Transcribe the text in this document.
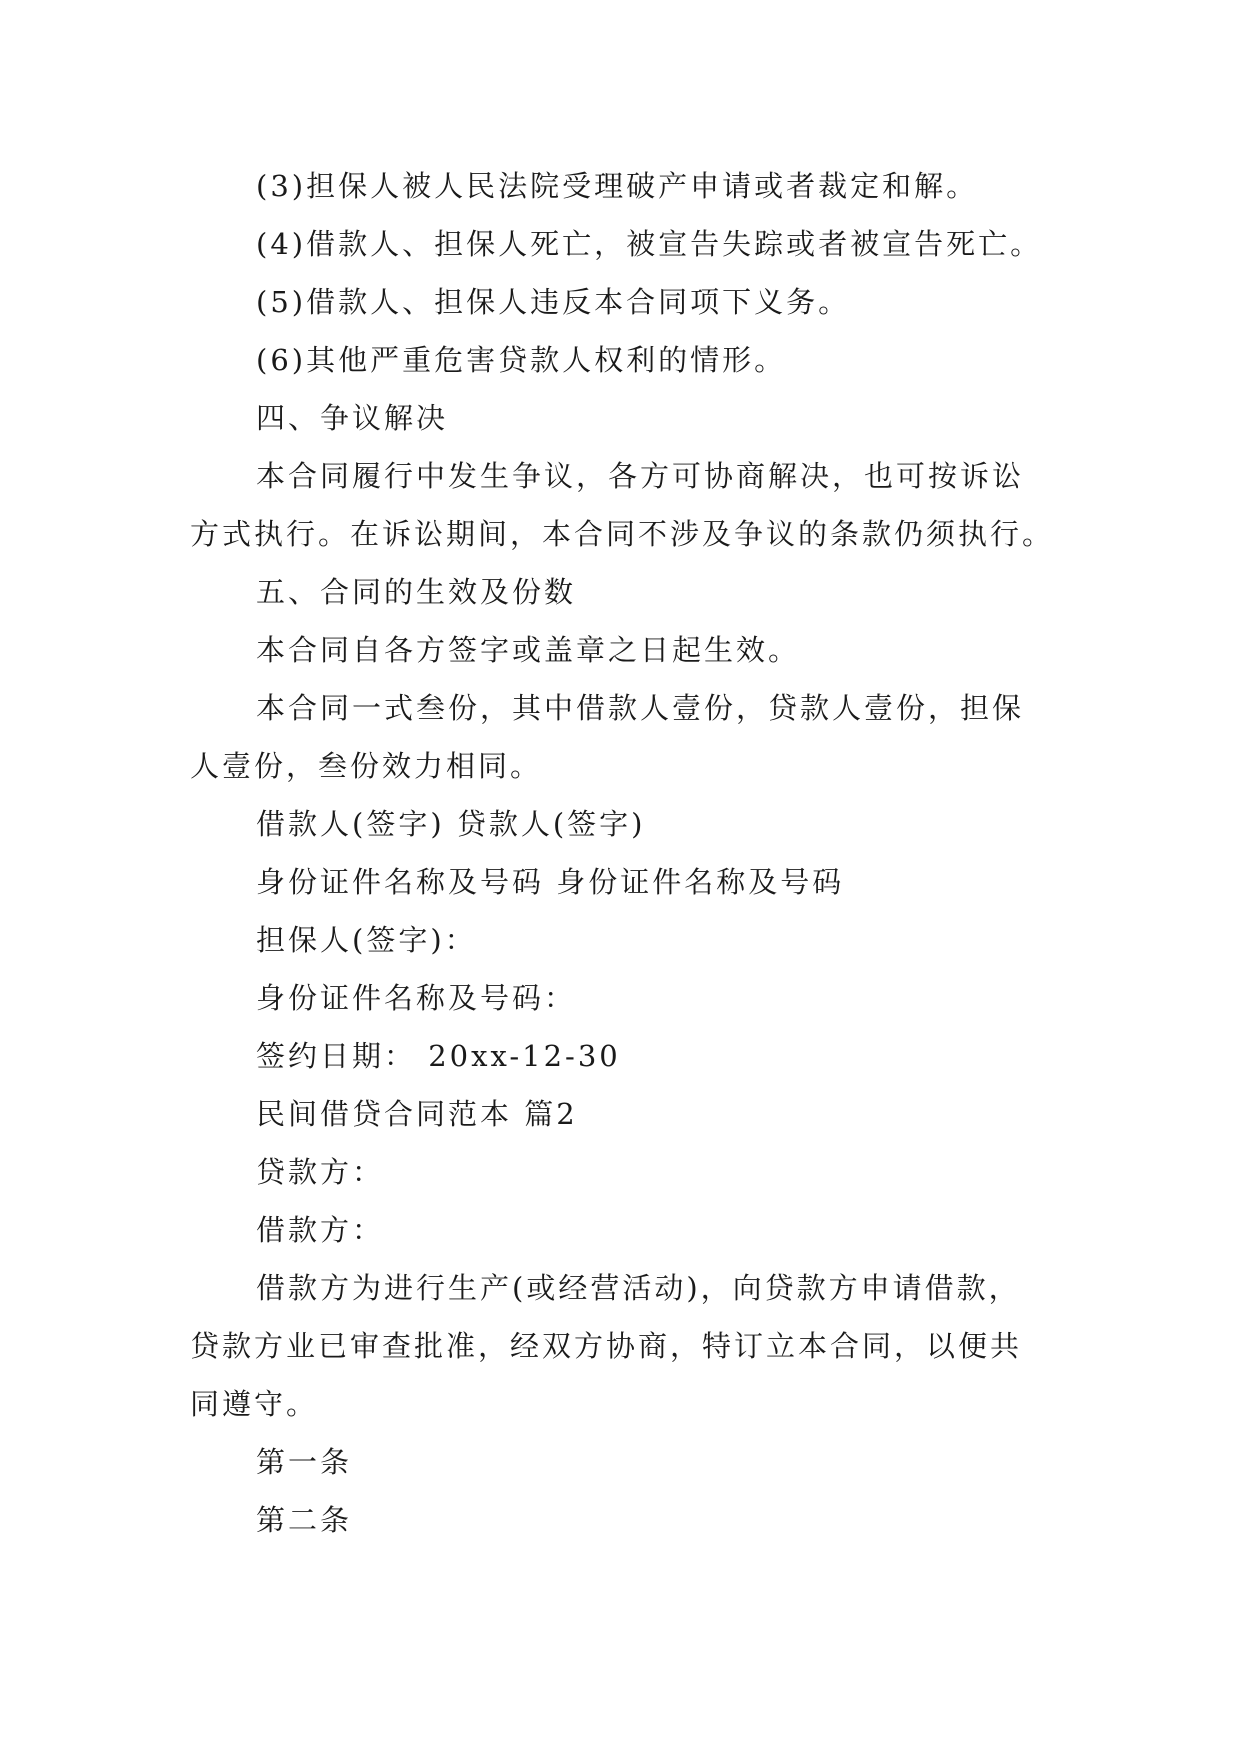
(3)担保人被人民法院受理破产申请或者裁定和解。
(4)借款人、担保人死亡，被宣告失踪或者被宣告死亡。
(5)借款人、担保人违反本合同项下义务。
(6)其他严重危害贷款人权利的情形。
四、争议解决
本合同履行中发生争议，各方可协商解决，也可按诉讼
方式执行。在诉讼期间，本合同不涉及争议的条款仍须执行。
五、合同的生效及份数
本合同自各方签字或盖章之日起生效。
本合同一式叁份，其中借款人壹份，贷款人壹份，担保
人壹份，叁份效力相同。
借款人(签字) 贷款人(签字)
身份证件名称及号码 身份证件名称及号码
担保人(签字)：
身份证件名称及号码：
签约日期： 20xx-12-30
民间借贷合同范本 篇2
贷款方：
借款方：
借款方为进行生产(或经营活动)，向贷款方申请借款，
贷款方业已审查批准，经双方协商，特订立本合同，以便共
同遵守。
第一条
第二条
